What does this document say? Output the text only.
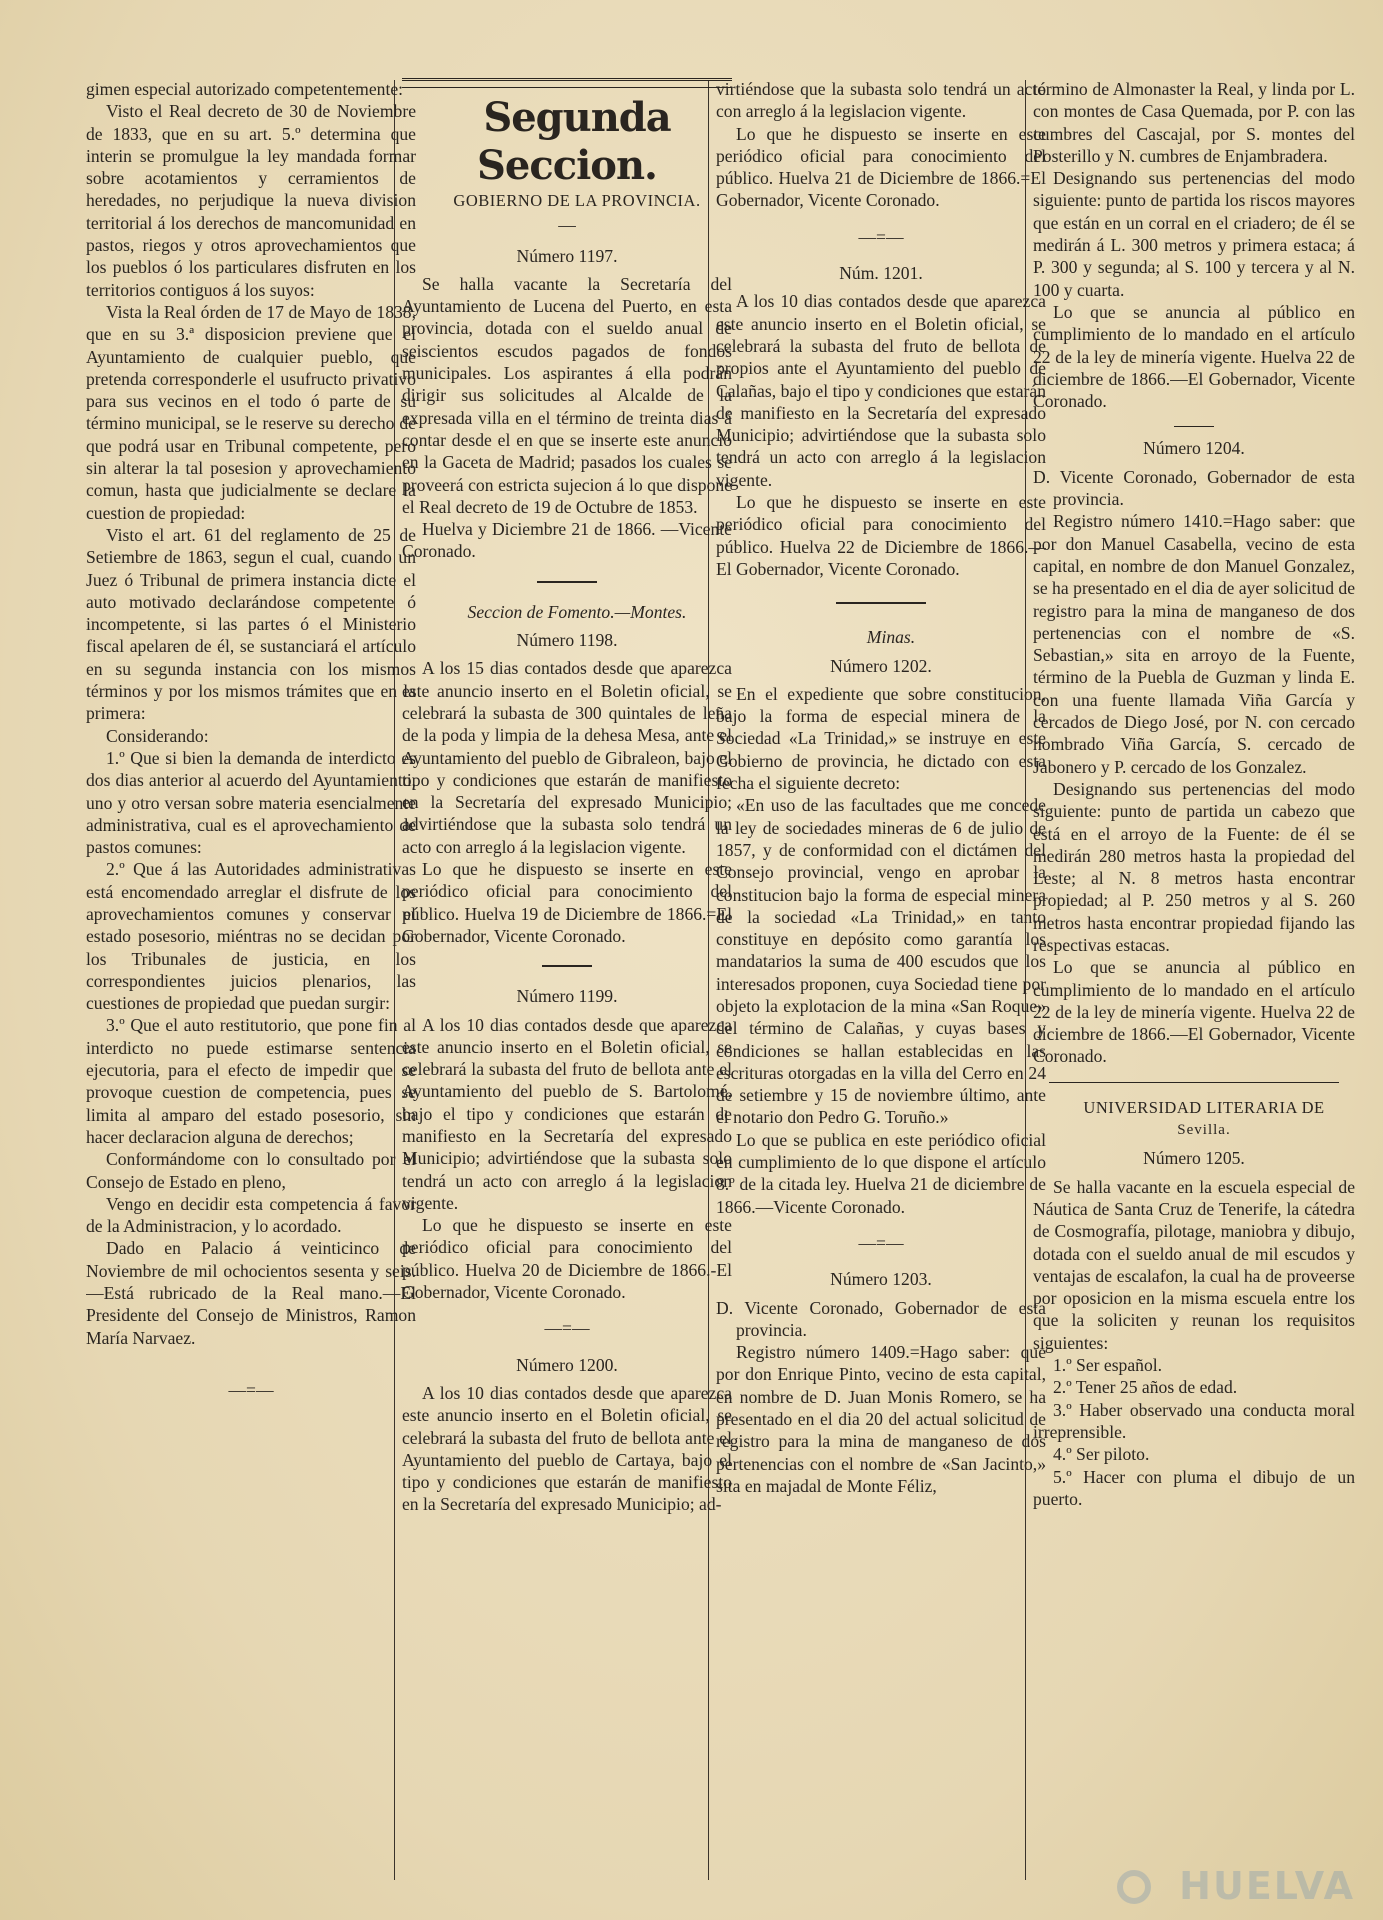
gimen especial autorizado competentemente:

Visto el Real decreto de 30 de Noviembre de 1833, que en su art. 5.º determina que interin se promulgue la ley mandada formar sobre acotamientos y cerramientos de heredades, no perjudique la nueva division territorial á los derechos de mancomunidad en pastos, riegos y otros aprovechamientos que los pueblos ó los particulares disfruten en los territorios contiguos á los suyos:

Vista la Real órden de 17 de Mayo de 1838, que en su 3.ª disposicion previene que el Ayuntamiento de cualquier pueblo, que pretenda corresponderle el usufructo privativo para sus vecinos en el todo ó parte de su término municipal, se le reserve su derecho de que podrá usar en Tribunal competente, pero sin alterar la tal posesion y aprovechamiento comun, hasta que judicialmente se declare la cuestion de propiedad:

Visto el art. 61 del reglamento de 25 de Setiembre de 1863, segun el cual, cuando un Juez ó Tribunal de primera instancia dicte el auto motivado declarándose competente ó incompetente, si las partes ó el Ministerio fiscal apelaren de él, se sustanciará el artículo en su segunda instancia con los mismos términos y por los mismos trámites que en la primera:

Considerando:

1.º Que si bien la demanda de interdicto es dos dias anterior al acuerdo del Ayuntamiento, uno y otro versan sobre materia esencialmente administrativa, cual es el aprovechamiento de pastos comunes:

2.º Que á las Autoridades administrativas está encomendado arreglar el disfrute de los aprovechamientos comunes y conservar el estado posesorio, miéntras no se decidan por los Tribunales de justicia, en los correspondientes juicios plenarios, las cuestiones de propiedad que puedan surgir:

3.º Que el auto restitutorio, que pone fin al interdicto no puede estimarse sentencia ejecutoria, para el efecto de impedir que se provoque cuestion de competencia, pues se limita al amparo del estado posesorio, sin hacer declaracion alguna de derechos;

Conformándome con lo consultado por el Consejo de Estado en pleno,

Vengo en decidir esta competencia á favor de la Administracion, y lo acordado.

Dado en Palacio á veinticinco de Noviembre de mil ochocientos sesenta y seis.—Está rubricado de la Real mano.—El Presidente del Consejo de Ministros, Ramon María Narvaez.

—=—

Segunda Seccion.

GOBIERNO DE LA PROVINCIA.

—

Número 1197.

Se halla vacante la Secretaría del Ayuntamiento de Lucena del Puerto, en esta provincia, dotada con el sueldo anual de seiscientos escudos pagados de fondos municipales. Los aspirantes á ella podrán dirigir sus solicitudes al Alcalde de la expresada villa en el término de treinta dias á contar desde el en que se inserte este anuncio en la Gaceta de Madrid; pasados los cuales se proveerá con estricta sujecion á lo que dispone el Real decreto de 19 de Octubre de 1853.

Huelva y Diciembre 21 de 1866. —Vicente Coronado.

Seccion de Fomento.—Montes.

Número 1198.

A los 15 dias contados desde que aparezca este anuncio inserto en el Boletin oficial, se celebrará la subasta de 300 quintales de leña de la poda y limpia de la dehesa Mesa, ante el Ayuntamiento del pueblo de Gibraleon, bajo el tipo y condiciones que estarán de manifiesto en la Secretaría del expresado Municipio; advirtiéndose que la subasta solo tendrá un acto con arreglo á la legislacion vigente.

Lo que he dispuesto se inserte en este periódico oficial para conocimiento del público. Huelva 19 de Diciembre de 1866.=El Gobernador, Vicente Coronado.

Número 1199.

A los 10 dias contados desde que aparezca este anuncio inserto en el Boletin oficial, se celebrará la subasta del fruto de bellota ante el Ayuntamiento del pueblo de S. Bartolomé, bajo el tipo y condiciones que estarán de manifiesto en la Secretaría del expresado Municipio; advirtiéndose que la subasta solo tendrá un acto con arreglo á la legislacion vigente.

Lo que he dispuesto se inserte en este periódico oficial para conocimiento del público. Huelva 20 de Diciembre de 1866.-El Gobernador, Vicente Coronado.

—=—

Número 1200.

A los 10 dias contados desde que aparezca este anuncio inserto en el Boletin oficial, se celebrará la subasta del fruto de bellota ante el Ayuntamiento del pueblo de Cartaya, bajo el tipo y condiciones que estarán de manifiesto en la Secretaría del expresado Municipio; ad-

virtiéndose que la subasta solo tendrá un acto con arreglo á la legislacion vigente.

Lo que he dispuesto se inserte en este periódico oficial para conocimiento del público. Huelva 21 de Diciembre de 1866.=El Gobernador, Vicente Coronado.

—=—

Núm. 1201.

A los 10 dias contados desde que aparezca este anuncio inserto en el Boletin oficial, se celebrará la subasta del fruto de bellota de propios ante el Ayuntamiento del pueblo de Calañas, bajo el tipo y condiciones que estarán de manifiesto en la Secretaría del expresado Municipio; advirtiéndose que la subasta solo tendrá un acto con arreglo á la legislacion vigente.

Lo que he dispuesto se inserte en este periódico oficial para conocimiento del público. Huelva 22 de Diciembre de 1866.—El Gobernador, Vicente Coronado.

Minas.

Número 1202.

En el expediente que sobre constitucion, bajo la forma de especial minera de la Sociedad «La Trinidad,» se instruye en este Gobierno de provincia, he dictado con esta fecha el siguiente decreto:

«En uso de las facultades que me concede la ley de sociedades mineras de 6 de julio de 1857, y de conformidad con el dictámen del Consejo provincial, vengo en aprobar la constitucion bajo la forma de especial minera de la sociedad «La Trinidad,» en tanto constituye en depósito como garantía los mandatarios la suma de 400 escudos que los interesados proponen, cuya Sociedad tiene por objeto la explotacion de la mina «San Roque» del término de Calañas, y cuyas bases y condiciones se hallan establecidas en las escrituras otorgadas en la villa del Cerro en 24 de setiembre y 15 de noviembre último, ante el notario don Pedro G. Toruño.»

Lo que se publica en este periódico oficial en cumplimiento de lo que dispone el artículo 8.º de la citada ley. Huelva 21 de diciembre de 1866.—Vicente Coronado.

—=—

Número 1203.

D. Vicente Coronado, Gobernador de esta provincia.

Registro número 1409.=Hago saber: que por don Enrique Pinto, vecino de esta capital, en nombre de D. Juan Monis Romero, se ha presentado en el dia 20 del actual solicitud de registro para la mina de manganeso de dos pertenencias con el nombre de «San Jacinto,» sita en majadal de Monte Féliz,

término de Almonaster la Real, y linda por L. con montes de Casa Quemada, por P. con las cumbres del Cascajal, por S. montes del Posterillo y N. cumbres de Enjambradera.

Designando sus pertenencias del modo siguiente: punto de partida los riscos mayores que están en un corral en el criadero; de él se medirán á L. 300 metros y primera estaca; á P. 300 y segunda; al S. 100 y tercera y al N. 100 y cuarta.

Lo que se anuncia al público en cumplimiento de lo mandado en el artículo 22 de la ley de minería vigente. Huelva 22 de diciembre de 1866.—El Gobernador, Vicente Coronado.

Número 1204.

D. Vicente Coronado, Gobernador de esta provincia.

Registro número 1410.=Hago saber: que por don Manuel Casabella, vecino de esta capital, en nombre de don Manuel Gonzalez, se ha presentado en el dia de ayer solicitud de registro para la mina de manganeso de dos pertenencias con el nombre de «S. Sebastian,» sita en arroyo de la Fuente, término de la Puebla de Guzman y linda E. con una fuente llamada Viña García y cercados de Diego José, por N. con cercado nombrado Viña García, S. cercado de Jabonero y P. cercado de los Gonzalez.

Designando sus pertenencias del modo siguiente: punto de partida un cabezo que está en el arroyo de la Fuente: de él se medirán 280 metros hasta la propiedad del Leste; al N. 8 metros hasta encontrar propiedad; al P. 250 metros y al S. 260 metros hasta encontrar propiedad fijando las respectivas estacas.

Lo que se anuncia al público en cumplimiento de lo mandado en el artículo 22 de la ley de minería vigente. Huelva 22 de diciembre de 1866.—El Gobernador, Vicente Coronado.

UNIVERSIDAD LITERARIA DE

Sevilla.

Número 1205.

Se halla vacante en la escuela especial de Náutica de Santa Cruz de Tenerife, la cátedra de Cosmografía, pilotage, maniobra y dibujo, dotada con el sueldo anual de mil escudos y ventajas de escalafon, la cual ha de proveerse por oposicion en la misma escuela entre los que la soliciten y reunan los requisitos siguientes:

1.º Ser español.

2.º Tener 25 años de edad.

3.º Haber observado una conducta moral irreprensible.

4.º Ser piloto.

5.º Hacer con pluma el dibujo de un puerto.

HUELVA
